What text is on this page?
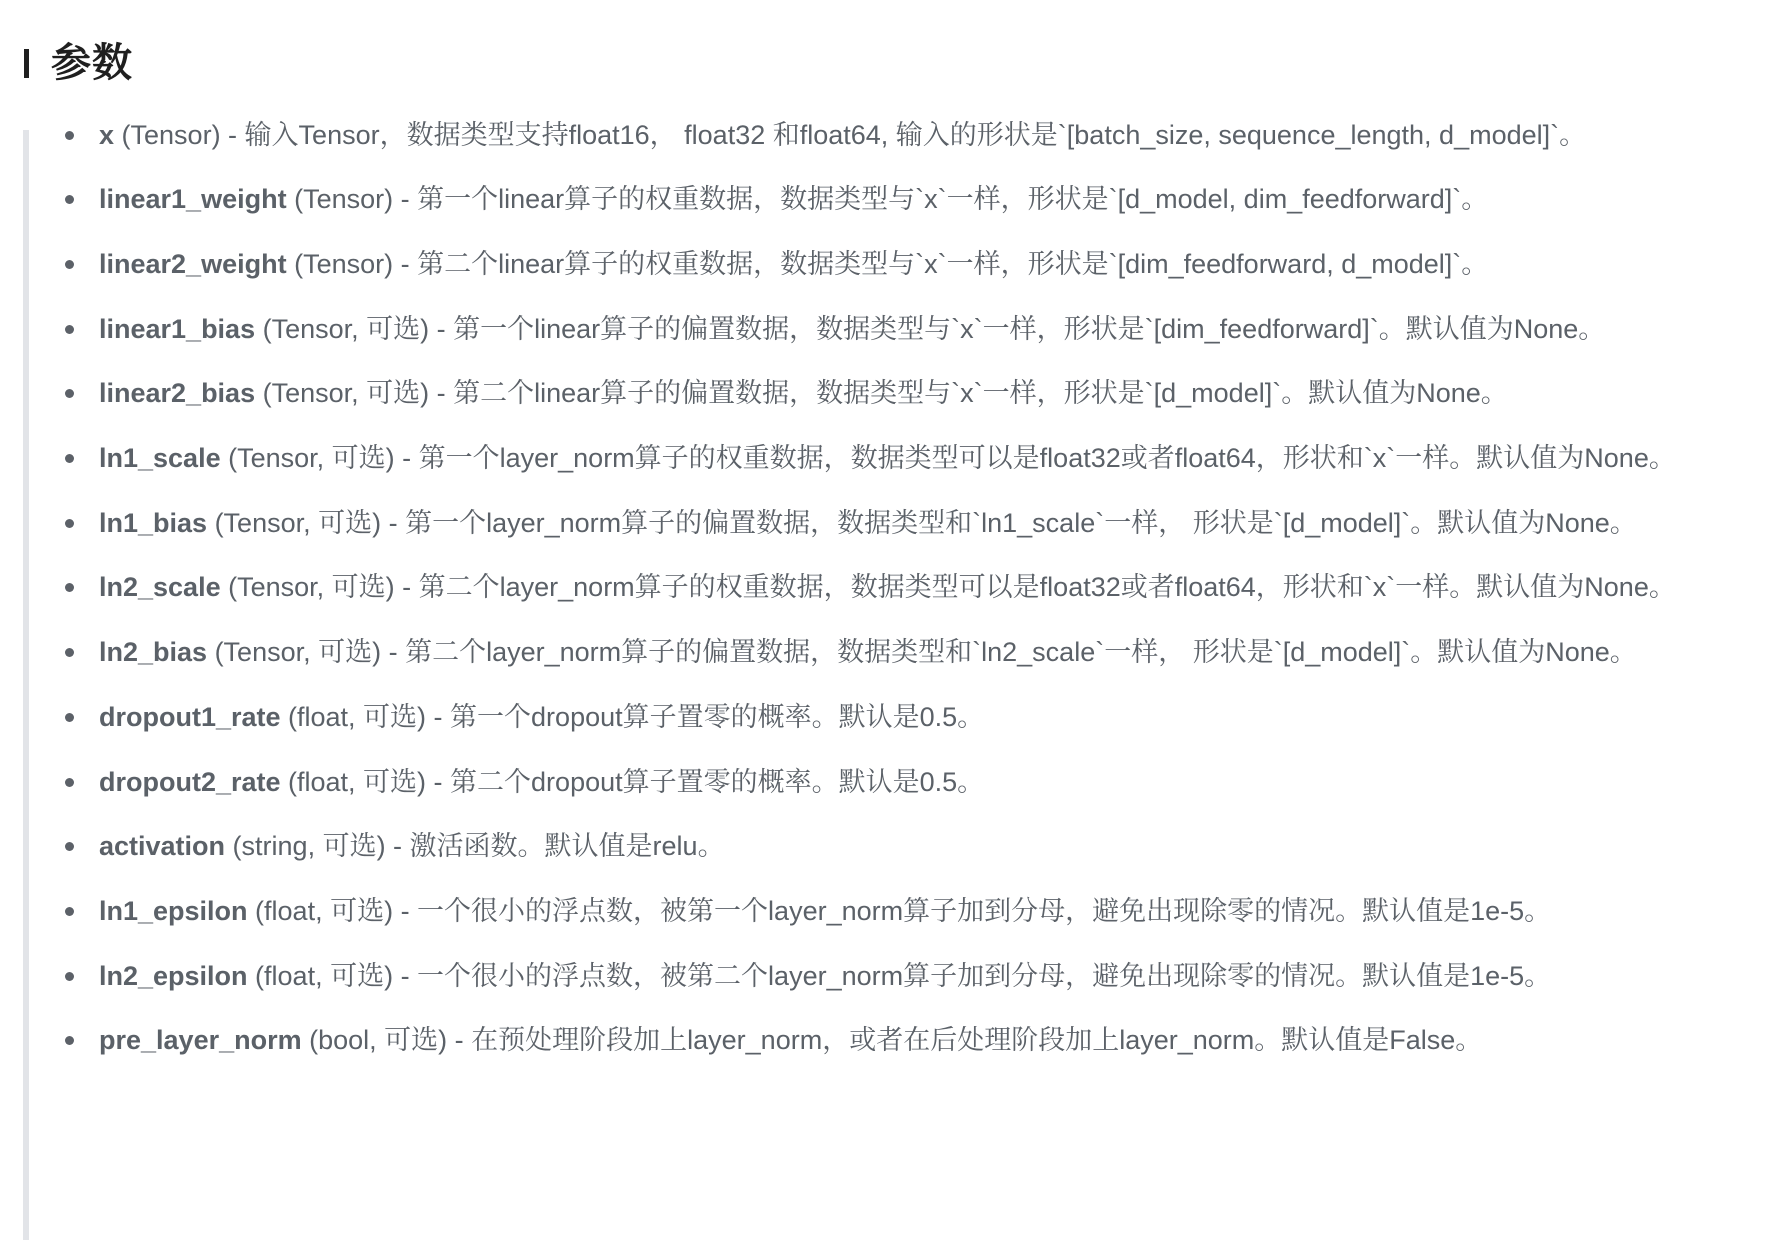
参数
x (Tensor) - 输入Tensor，数据类型支持float16， float32 和float64, 输入的形状是`[batch_size, sequence_length, d_model]`。
linear1_weight (Tensor) - 第一个linear算子的权重数据，数据类型与`x`一样，形状是`[d_model, dim_feedforward]`。
linear2_weight (Tensor) - 第二个linear算子的权重数据，数据类型与`x`一样，形状是`[dim_feedforward, d_model]`。
linear1_bias (Tensor, 可选) - 第一个linear算子的偏置数据，数据类型与`x`一样，形状是`[dim_feedforward]`。默认值为None。
linear2_bias (Tensor, 可选) - 第二个linear算子的偏置数据，数据类型与`x`一样，形状是`[d_model]`。默认值为None。
ln1_scale (Tensor, 可选) - 第一个layer_norm算子的权重数据，数据类型可以是float32或者float64，形状和`x`一样。默认值为None。
ln1_bias (Tensor, 可选) - 第一个layer_norm算子的偏置数据，数据类型和`ln1_scale`一样， 形状是`[d_model]`。默认值为None。
ln2_scale (Tensor, 可选) - 第二个layer_norm算子的权重数据，数据类型可以是float32或者float64，形状和`x`一样。默认值为None。
ln2_bias (Tensor, 可选) - 第二个layer_norm算子的偏置数据，数据类型和`ln2_scale`一样， 形状是`[d_model]`。默认值为None。
dropout1_rate (float, 可选) - 第一个dropout算子置零的概率。默认是0.5。
dropout2_rate (float, 可选) - 第二个dropout算子置零的概率。默认是0.5。
activation (string, 可选) - 激活函数。默认值是relu。
ln1_epsilon (float, 可选) - 一个很小的浮点数，被第一个layer_norm算子加到分母，避免出现除零的情况。默认值是1e-5。
ln2_epsilon (float, 可选) - 一个很小的浮点数，被第二个layer_norm算子加到分母，避免出现除零的情况。默认值是1e-5。
pre_layer_norm (bool, 可选) - 在预处理阶段加上layer_norm，或者在后处理阶段加上layer_norm。默认值是False。
